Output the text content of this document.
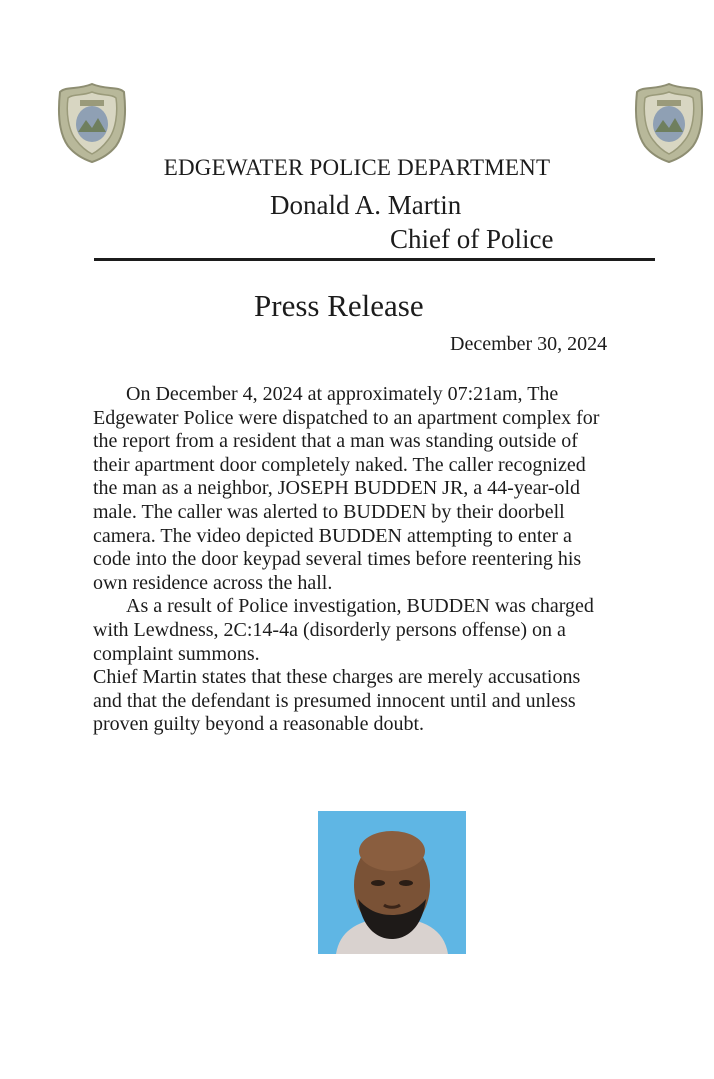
EDGEWATER POLICE DEPARTMENT
Donald A. Martin
Chief of Police
Press Release
December 30, 2024

On December 4, 2024 at approximately 07:21am, The

Edgewater Police were dispatched to an apartment complex for

the report from a resident that a man was standing outside of

their apartment door completely naked. The caller recognized

the man as a neighbor, JOSEPH BUDDEN JR, a 44-year-old

male. The caller was alerted to BUDDEN by their doorbell

camera. The video depicted BUDDEN attempting to enter a

code into the door keypad several times before reentering his

own residence across the hall.

As a result of Police investigation, BUDDEN was charged

with Lewdness, 2C:14-4a (disorderly persons offense) on a

complaint summons.

Chief Martin states that these charges are merely accusations

and that the defendant is presumed innocent until and unless

proven guilty beyond a reasonable doubt.
